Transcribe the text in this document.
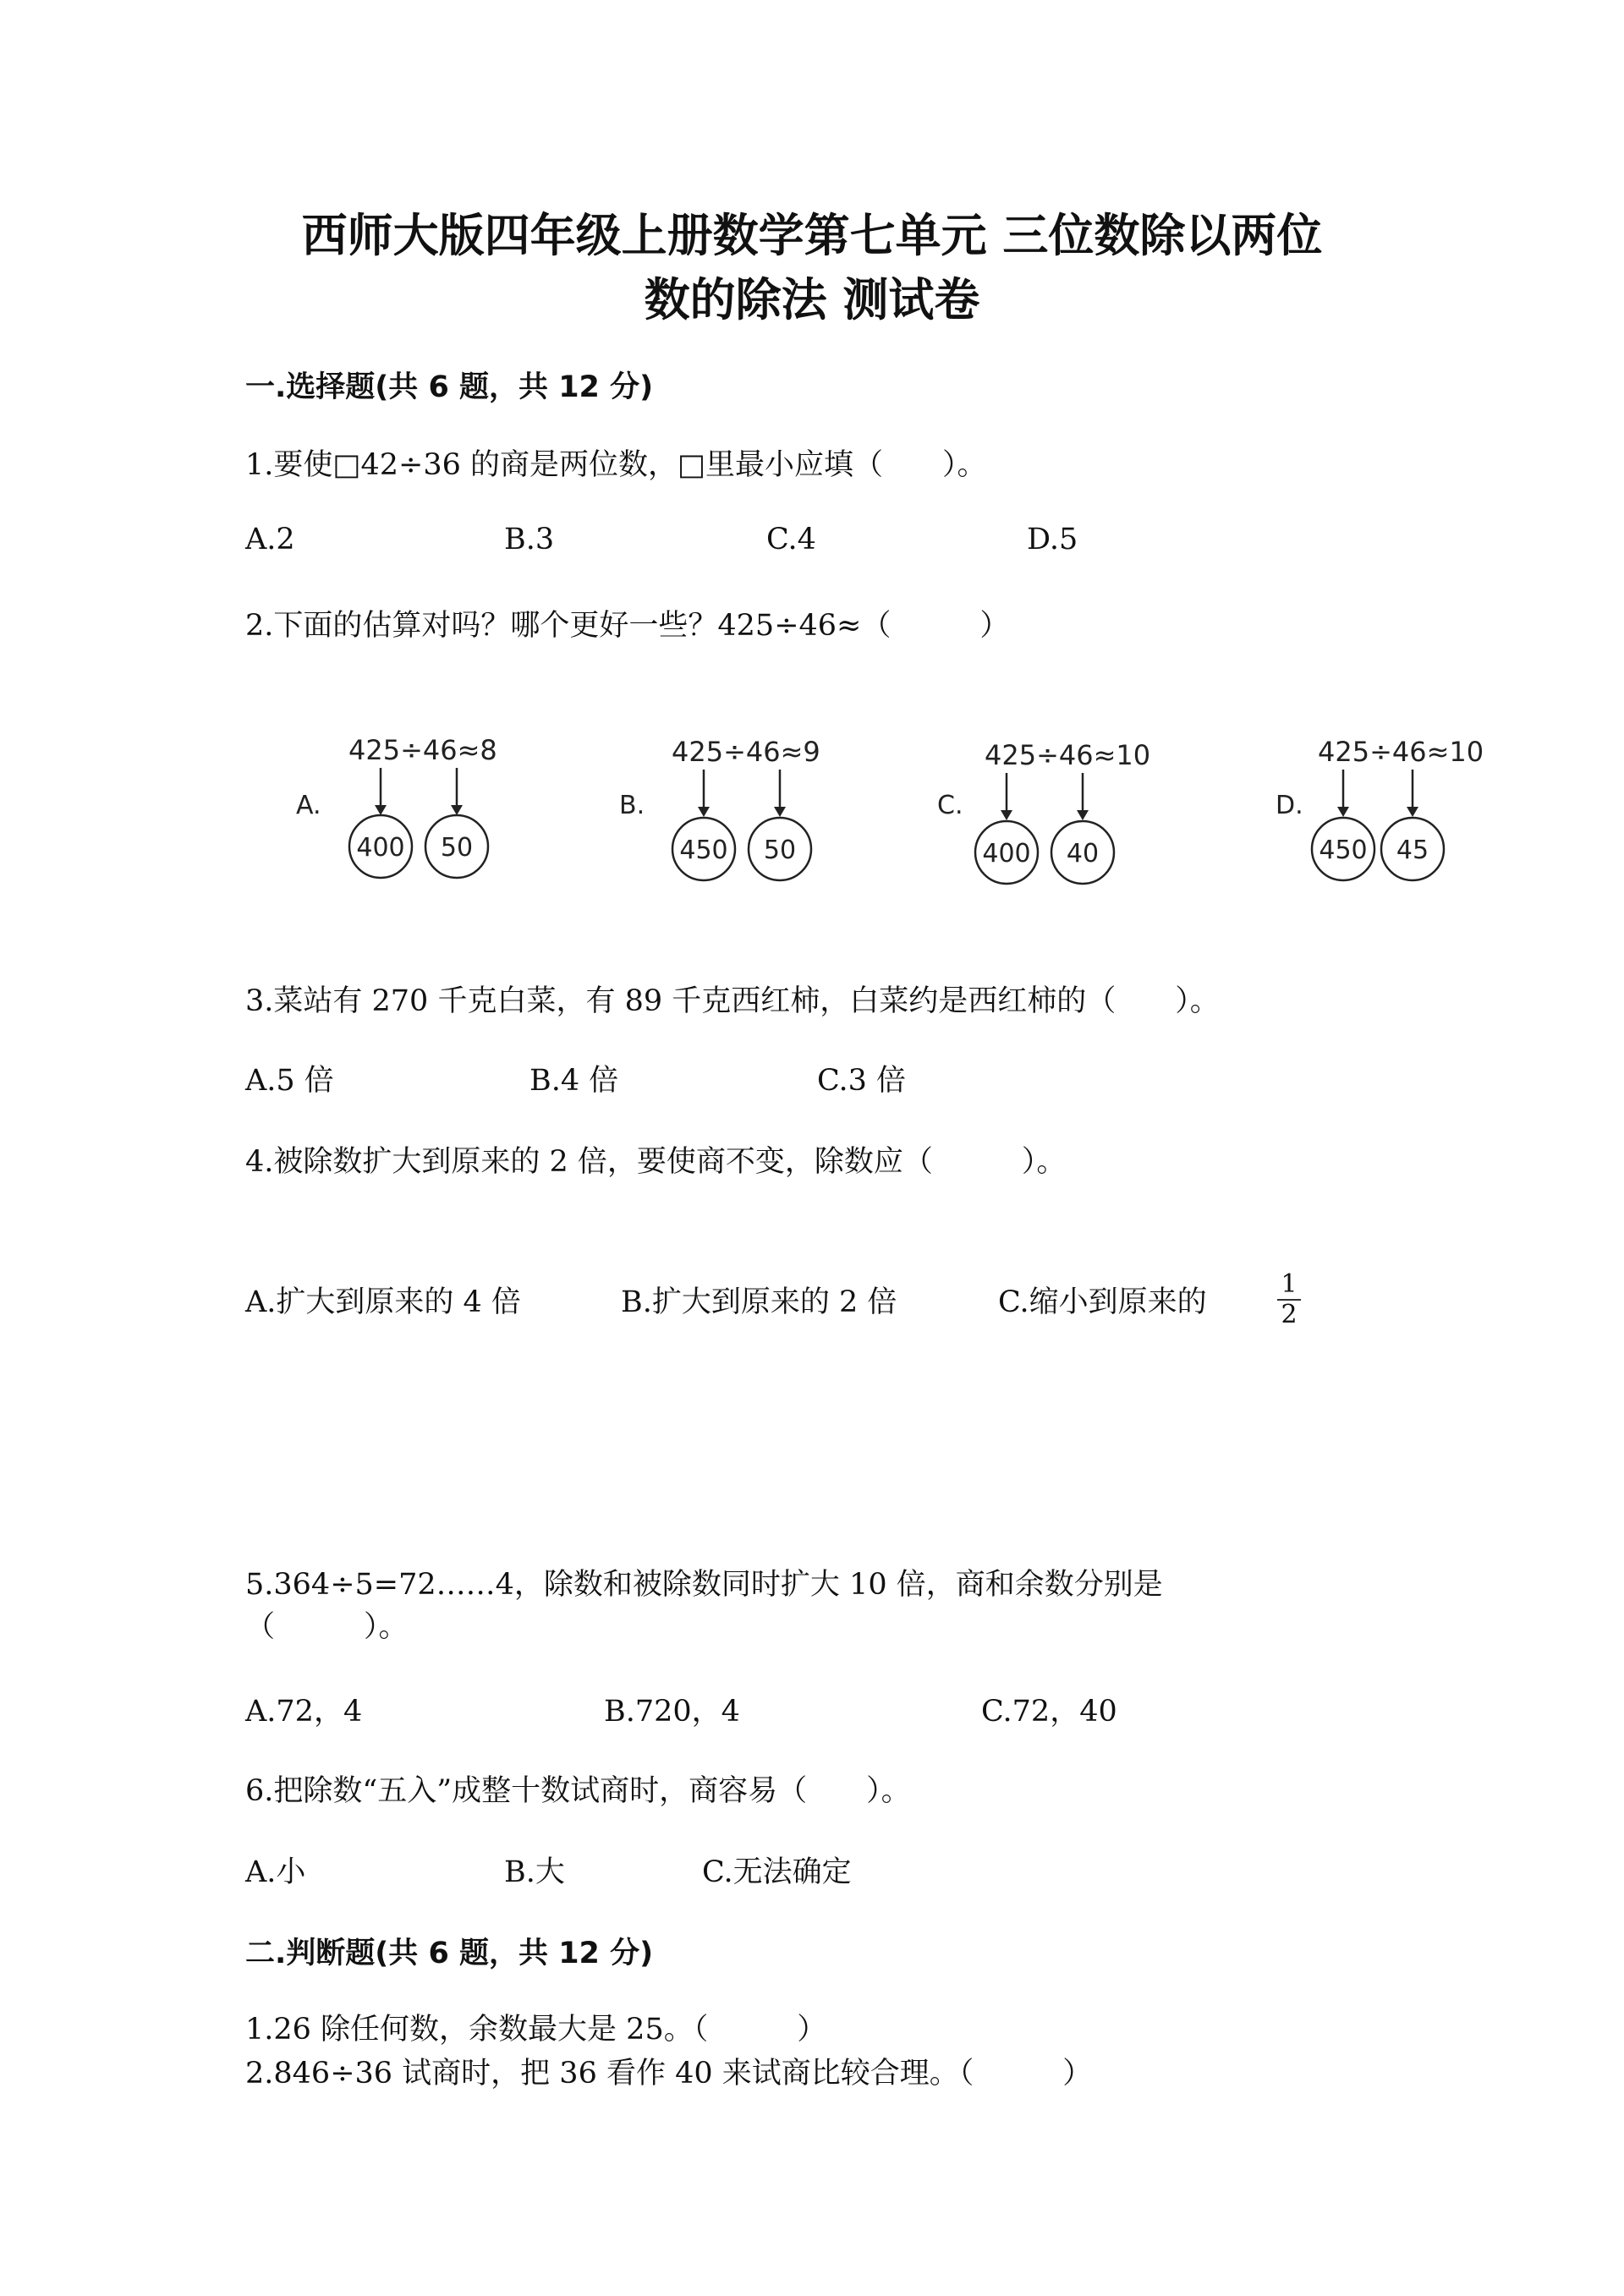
西师大版四年级上册数学第七单元 三位数除以两位
数的除法 测试卷
一.选择题(共 6 题，共 12 分)
1.要使□42÷36 的商是两位数，□里最小应填（　　）。
A.2	B.3	C.4	D.5
2.下面的估算对吗？哪个更好一些？425÷46≈（　　　）
A.
425÷46≈8
400 50
B.
425÷46≈9
450 50
C.
425÷46≈10
400 40
D.
425÷46≈10
450 45
3.菜站有 270 千克白菜，有 89 千克西红柿，白菜约是西红柿的（　　）。
A.5 倍	B.4 倍	C.3 倍
4.被除数扩大到原来的 2 倍，要使商不变，除数应（　　　）。
A.扩大到原来的 4 倍	B.扩大到原来的 2 倍	C.缩小到原来的
1
2
5.364÷5=72……4，除数和被除数同时扩大 10 倍，商和余数分别是
（　　　）。
A.72，4	B.720，4	C.72，40
6.把除数“五入”成整十数试商时，商容易（　　）。
A.小	B.大	C.无法确定
二.判断题(共 6 题，共 12 分)
1.26 除任何数，余数最大是 25。（　　　）
2.846÷36 试商时，把 36 看作 40 来试商比较合理。（　　　）
